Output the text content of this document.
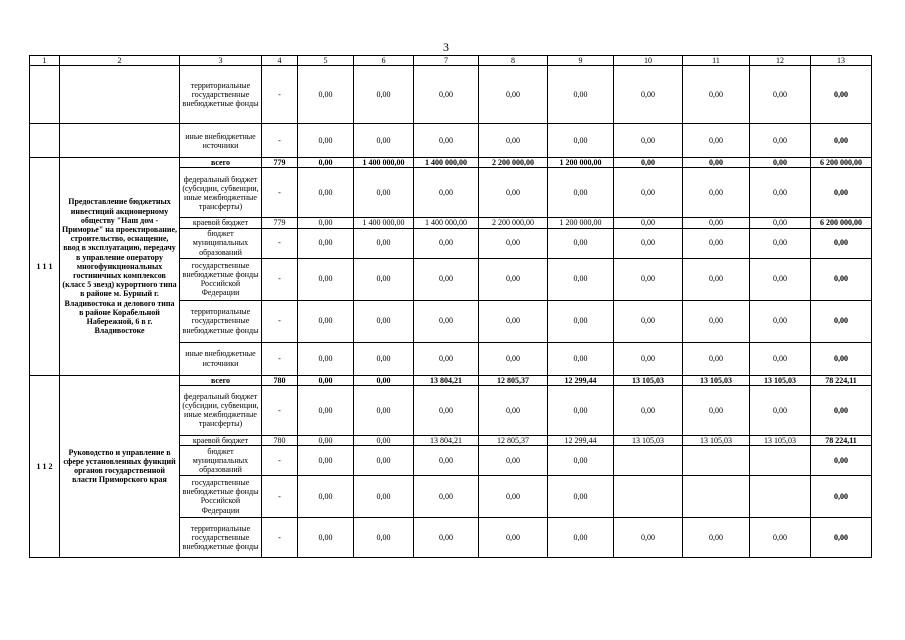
3
1	2	3	4	5	6	7	8	9	10	11	12	13
		территориальные государственные внебюджетные фонды	-	0,00	0,00	0,00	0,00	0,00	0,00	0,00	0,00	0,00
		иные внебюджетные источники	-	0,00	0,00	0,00	0,00	0,00	0,00	0,00	0,00	0,00
1 1 1	Предоставление бюджетных инвестиций акционерному обществу "Наш дом - Приморье" на проектирование, строительство, оснащение, ввод в эксплуатацию, передачу в управление оператору многофункциональных гостиничных комплексов (класс 5 звезд) курортного типа в районе м. Бурный г. Владивостока и делового типа в районе Корабельной Набережной, 6 в г. Владивостоке	всего	779	0,00	1 400 000,00	1 400 000,00	2 200 000,00	1 200 000,00	0,00	0,00	0,00	6 200 000,00
		федеральный бюджет (субсидии, субвенции, иные межбюджетные трансферты)	-	0,00	0,00	0,00	0,00	0,00	0,00	0,00	0,00	0,00
		краевой бюджет	779	0,00	1 400 000,00	1 400 000,00	2 200 000,00	1 200 000,00	0,00	0,00	0,00	6 200 000,00
		бюджет муниципальных образований	-	0,00	0,00	0,00	0,00	0,00	0,00	0,00	0,00	0,00
		государственные внебюджетные фонды Российской Федерации	-	0,00	0,00	0,00	0,00	0,00	0,00	0,00	0,00	0,00
		территориальные государственные внебюджетные фонды	-	0,00	0,00	0,00	0,00	0,00	0,00	0,00	0,00	0,00
		иные внебюджетные источники	-	0,00	0,00	0,00	0,00	0,00	0,00	0,00	0,00	0,00
1 1 2	Руководство и управление в сфере установленных функций органов государственной власти Приморского края	всего	780	0,00	0,00	13 804,21	12 805,37	12 299,44	13 105,03	13 105,03	13 105,03	78 224,11
		федеральный бюджет (субсидии, субвенции, иные межбюджетные трансферты)	-	0,00	0,00	0,00	0,00	0,00	0,00	0,00	0,00	0,00
		краевой бюджет	780	0,00	0,00	13 804,21	12 805,37	12 299,44	13 105,03	13 105,03	13 105,03	78 224,11
		бюджет муниципальных образований	-	0,00	0,00	0,00	0,00	0,00				0,00
		государственные внебюджетные фонды Российской Федерации	-	0,00	0,00	0,00	0,00	0,00				0,00
		территориальные государственные внебюджетные фонды	-	0,00	0,00	0,00	0,00	0,00	0,00	0,00	0,00	0,00
